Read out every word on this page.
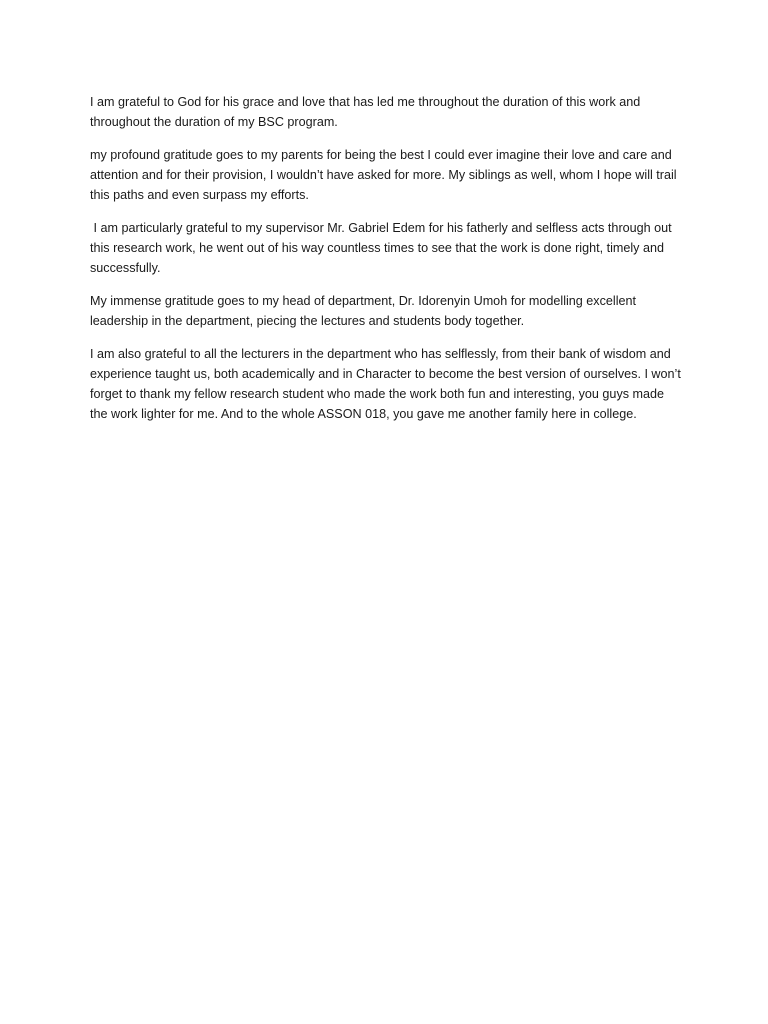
I am grateful to God for his grace and love that has led me throughout the duration of this work and throughout the duration of my BSC program.

my profound gratitude goes to my parents for being the best I could ever imagine their love and care and attention and for their provision, I wouldn’t have asked for more. My siblings as well, whom I hope will trail this paths and even surpass my efforts.

I am particularly grateful to my supervisor Mr. Gabriel Edem for his fatherly and selfless acts through out this research work, he went out of his way countless times to see that the work is done right, timely and successfully.

My immense gratitude goes to my head of department, Dr. Idorenyin Umoh for modelling excellent leadership in the department, piecing the lectures and students body together.

I am also grateful to all the lecturers in the department who has selflessly, from their bank of wisdom and experience taught us, both academically and in Character to become the best version of ourselves. I won’t forget to thank my fellow research student who made the work both fun and interesting, you guys made the work lighter for me. And to the whole ASSON 018, you gave me another family here in college.
